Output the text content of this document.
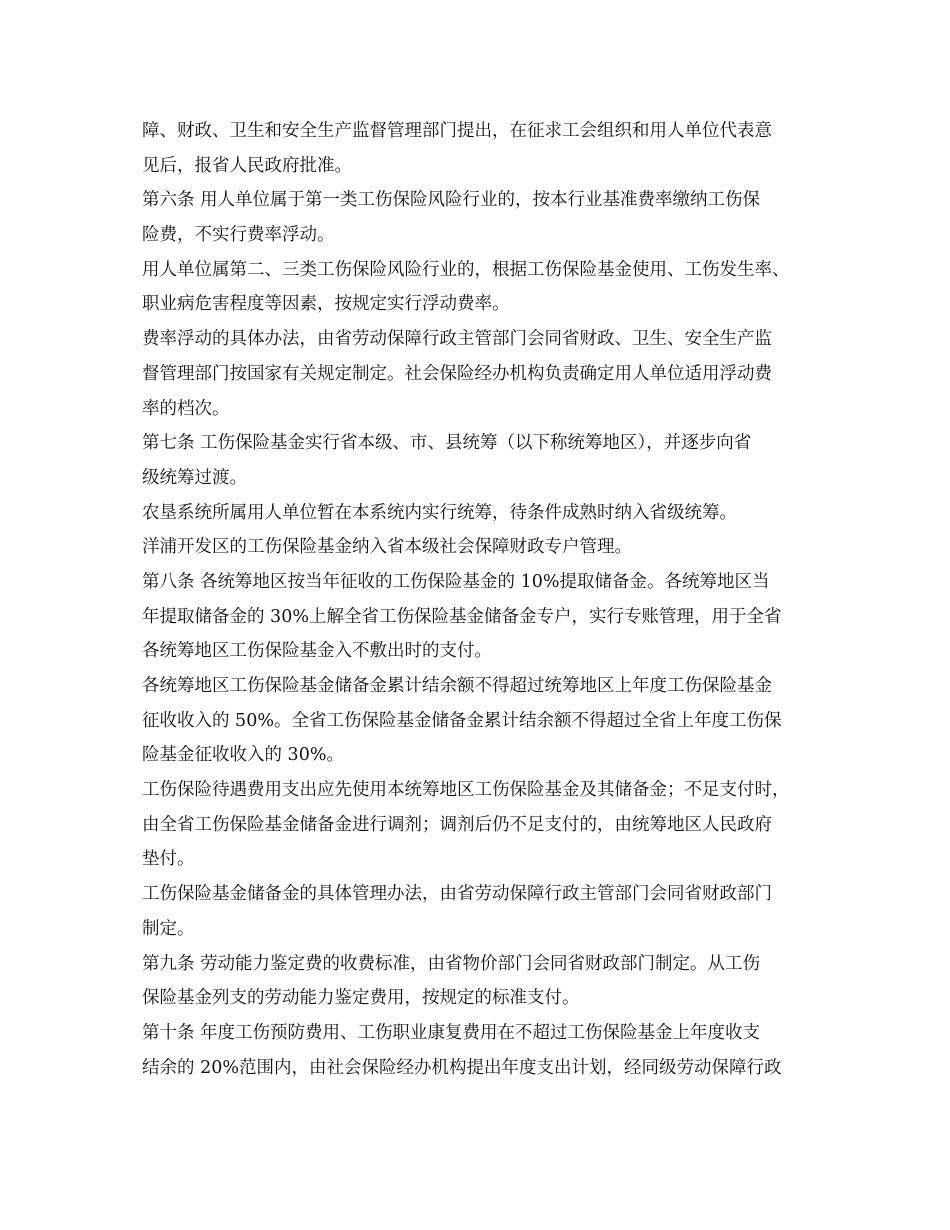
障、财政、卫生和安全生产监督管理部门提出，在征求工会组织和用人单位代表意
见后，报省人民政府批准。
第六条 用人单位属于第一类工伤保险风险行业的，按本行业基准费率缴纳工伤保
险费，不实行费率浮动。
用人单位属第二、三类工伤保险风险行业的，根据工伤保险基金使用、工伤发生率、
职业病危害程度等因素，按规定实行浮动费率。
费率浮动的具体办法，由省劳动保障行政主管部门会同省财政、卫生、安全生产监
督管理部门按国家有关规定制定。社会保险经办机构负责确定用人单位适用浮动费
率的档次。
第七条 工伤保险基金实行省本级、市、县统筹（以下称统筹地区），并逐步向省
级统筹过渡。
农垦系统所属用人单位暂在本系统内实行统筹，待条件成熟时纳入省级统筹。
洋浦开发区的工伤保险基金纳入省本级社会保障财政专户管理。
第八条 各统筹地区按当年征收的工伤保险基金的 10%提取储备金。各统筹地区当
年提取储备金的 30%上解全省工伤保险基金储备金专户，实行专账管理，用于全省
各统筹地区工伤保险基金入不敷出时的支付。
各统筹地区工伤保险基金储备金累计结余额不得超过统筹地区上年度工伤保险基金
征收收入的 50%。全省工伤保险基金储备金累计结余额不得超过全省上年度工伤保
险基金征收收入的 30%。
工伤保险待遇费用支出应先使用本统筹地区工伤保险基金及其储备金；不足支付时，
由全省工伤保险基金储备金进行调剂；调剂后仍不足支付的，由统筹地区人民政府
垫付。
工伤保险基金储备金的具体管理办法，由省劳动保障行政主管部门会同省财政部门
制定。
第九条 劳动能力鉴定费的收费标准，由省物价部门会同省财政部门制定。从工伤
保险基金列支的劳动能力鉴定费用，按规定的标准支付。
第十条 年度工伤预防费用、工伤职业康复费用在不超过工伤保险基金上年度收支
结余的 20%范围内，由社会保险经办机构提出年度支出计划，经同级劳动保障行政
